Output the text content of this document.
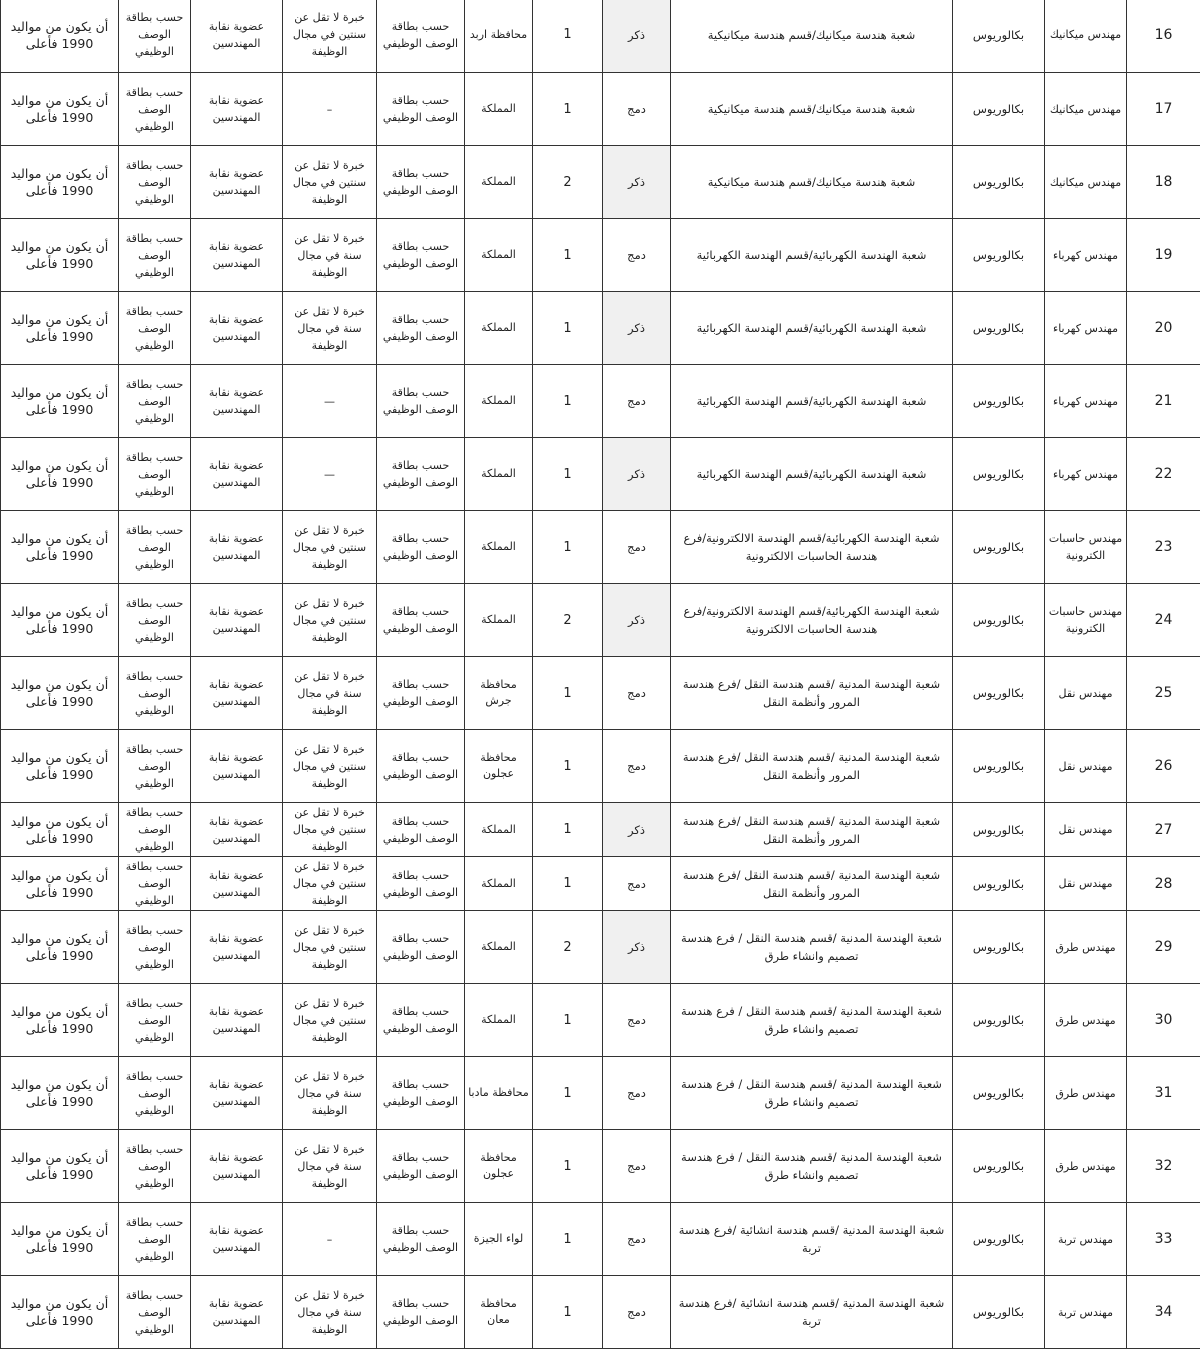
أن يكون من مواليد 1990 فأعلى	حسب بطاقة الوصف الوظيفي	عضوية نقابة المهندسين	خبرة لا تقل عن سنتين في مجال الوظيفة	حسب بطاقة الوصف الوظيفي	محافظة اربد	1	ذكر	شعبة هندسة ميكانيك/قسم هندسة ميكانيكية	بكالوريوس	مهندس ميكانيك	16
أن يكون من مواليد 1990 فأعلى	حسب بطاقة الوصف الوظيفي	عضوية نقابة المهندسين	–	حسب بطاقة الوصف الوظيفي	المملكة	1	دمج	شعبة هندسة ميكانيك/قسم هندسة ميكانيكية	بكالوريوس	مهندس ميكانيك	17
أن يكون من مواليد 1990 فأعلى	حسب بطاقة الوصف الوظيفي	عضوية نقابة المهندسين	خبرة لا تقل عن سنتين في مجال الوظيفة	حسب بطاقة الوصف الوظيفي	المملكة	2	ذكر	شعبة هندسة ميكانيك/قسم هندسة ميكانيكية	بكالوريوس	مهندس ميكانيك	18
أن يكون من مواليد 1990 فأعلى	حسب بطاقة الوصف الوظيفي	عضوية نقابة المهندسين	خبرة لا تقل عن سنة في مجال الوظيفة	حسب بطاقة الوصف الوظيفي	المملكة	1	دمج	شعبة الهندسة الكهربائية/قسم الهندسة الكهربائية	بكالوريوس	مهندس كهرباء	19
أن يكون من مواليد 1990 فأعلى	حسب بطاقة الوصف الوظيفي	عضوية نقابة المهندسين	خبرة لا تقل عن سنة في مجال الوظيفة	حسب بطاقة الوصف الوظيفي	المملكة	1	ذكر	شعبة الهندسة الكهربائية/قسم الهندسة الكهربائية	بكالوريوس	مهندس كهرباء	20
أن يكون من مواليد 1990 فأعلى	حسب بطاقة الوصف الوظيفي	عضوية نقابة المهندسين	—	حسب بطاقة الوصف الوظيفي	المملكة	1	دمج	شعبة الهندسة الكهربائية/قسم الهندسة الكهربائية	بكالوريوس	مهندس كهرباء	21
أن يكون من مواليد 1990 فأعلى	حسب بطاقة الوصف الوظيفي	عضوية نقابة المهندسين	—	حسب بطاقة الوصف الوظيفي	المملكة	1	ذكر	شعبة الهندسة الكهربائية/قسم الهندسة الكهربائية	بكالوريوس	مهندس كهرباء	22
أن يكون من مواليد 1990 فأعلى	حسب بطاقة الوصف الوظيفي	عضوية نقابة المهندسين	خبرة لا تقل عن سنتين في مجال الوظيفة	حسب بطاقة الوصف الوظيفي	المملكة	1	دمج	شعبة الهندسة الكهربائية/قسم الهندسة الالكترونية/فرع هندسة الحاسبات الالكترونية	بكالوريوس	مهندس حاسبات الكترونية	23
أن يكون من مواليد 1990 فأعلى	حسب بطاقة الوصف الوظيفي	عضوية نقابة المهندسين	خبرة لا تقل عن سنتين في مجال الوظيفة	حسب بطاقة الوصف الوظيفي	المملكة	2	ذكر	شعبة الهندسة الكهربائية/قسم الهندسة الالكترونية/فرع هندسة الحاسبات الالكترونية	بكالوريوس	مهندس حاسبات الكترونية	24
أن يكون من مواليد 1990 فأعلى	حسب بطاقة الوصف الوظيفي	عضوية نقابة المهندسين	خبرة لا تقل عن سنة في مجال الوظيفة	حسب بطاقة الوصف الوظيفي	محافظة جرش	1	دمج	شعبة الهندسة المدنية /قسم هندسة النقل /فرع هندسة المرور وأنظمة النقل	بكالوريوس	مهندس نقل	25
أن يكون من مواليد 1990 فأعلى	حسب بطاقة الوصف الوظيفي	عضوية نقابة المهندسين	خبرة لا تقل عن سنتين في مجال الوظيفة	حسب بطاقة الوصف الوظيفي	محافظة عجلون	1	دمج	شعبة الهندسة المدنية /قسم هندسة النقل /فرع هندسة المرور وأنظمة النقل	بكالوريوس	مهندس نقل	26
أن يكون من مواليد 1990 فأعلى	حسب بطاقة الوصف الوظيفي	عضوية نقابة المهندسين	خبرة لا تقل عن سنتين في مجال الوظيفة	حسب بطاقة الوصف الوظيفي	المملكة	1	ذكر	شعبة الهندسة المدنية /قسم هندسة النقل /فرع هندسة المرور وأنظمة النقل	بكالوريوس	مهندس نقل	27
أن يكون من مواليد 1990 فأعلى	حسب بطاقة الوصف الوظيفي	عضوية نقابة المهندسين	خبرة لا تقل عن سنتين في مجال الوظيفة	حسب بطاقة الوصف الوظيفي	المملكة	1	دمج	شعبة الهندسة المدنية /قسم هندسة النقل /فرع هندسة المرور وأنظمة النقل	بكالوريوس	مهندس نقل	28
أن يكون من مواليد 1990 فأعلى	حسب بطاقة الوصف الوظيفي	عضوية نقابة المهندسين	خبرة لا تقل عن سنتين في مجال الوظيفة	حسب بطاقة الوصف الوظيفي	المملكة	2	ذكر	شعبة الهندسة المدنية /قسم هندسة النقل / فرع هندسة تصميم وانشاء طرق	بكالوريوس	مهندس طرق	29
أن يكون من مواليد 1990 فأعلى	حسب بطاقة الوصف الوظيفي	عضوية نقابة المهندسين	خبرة لا تقل عن سنتين في مجال الوظيفة	حسب بطاقة الوصف الوظيفي	المملكة	1	دمج	شعبة الهندسة المدنية /قسم هندسة النقل / فرع هندسة تصميم وانشاء طرق	بكالوريوس	مهندس طرق	30
أن يكون من مواليد 1990 فأعلى	حسب بطاقة الوصف الوظيفي	عضوية نقابة المهندسين	خبرة لا تقل عن سنة في مجال الوظيفة	حسب بطاقة الوصف الوظيفي	محافظة مادبا	1	دمج	شعبة الهندسة المدنية /قسم هندسة النقل / فرع هندسة تصميم وانشاء طرق	بكالوريوس	مهندس طرق	31
أن يكون من مواليد 1990 فأعلى	حسب بطاقة الوصف الوظيفي	عضوية نقابة المهندسين	خبرة لا تقل عن سنة في مجال الوظيفة	حسب بطاقة الوصف الوظيفي	محافظة عجلون	1	دمج	شعبة الهندسة المدنية /قسم هندسة النقل / فرع هندسة تصميم وانشاء طرق	بكالوريوس	مهندس طرق	32
أن يكون من مواليد 1990 فأعلى	حسب بطاقة الوصف الوظيفي	عضوية نقابة المهندسين	–	حسب بطاقة الوصف الوظيفي	لواء الجيزة	1	دمج	شعبة الهندسة المدنية /قسم هندسة انشائية /فرع هندسة تربة	بكالوريوس	مهندس تربة	33
أن يكون من مواليد 1990 فأعلى	حسب بطاقة الوصف الوظيفي	عضوية نقابة المهندسين	خبرة لا تقل عن سنة في مجال الوظيفة	حسب بطاقة الوصف الوظيفي	محافظة معان	1	دمج	شعبة الهندسة المدنية /قسم هندسة انشائية /فرع هندسة تربة	بكالوريوس	مهندس تربة	34
